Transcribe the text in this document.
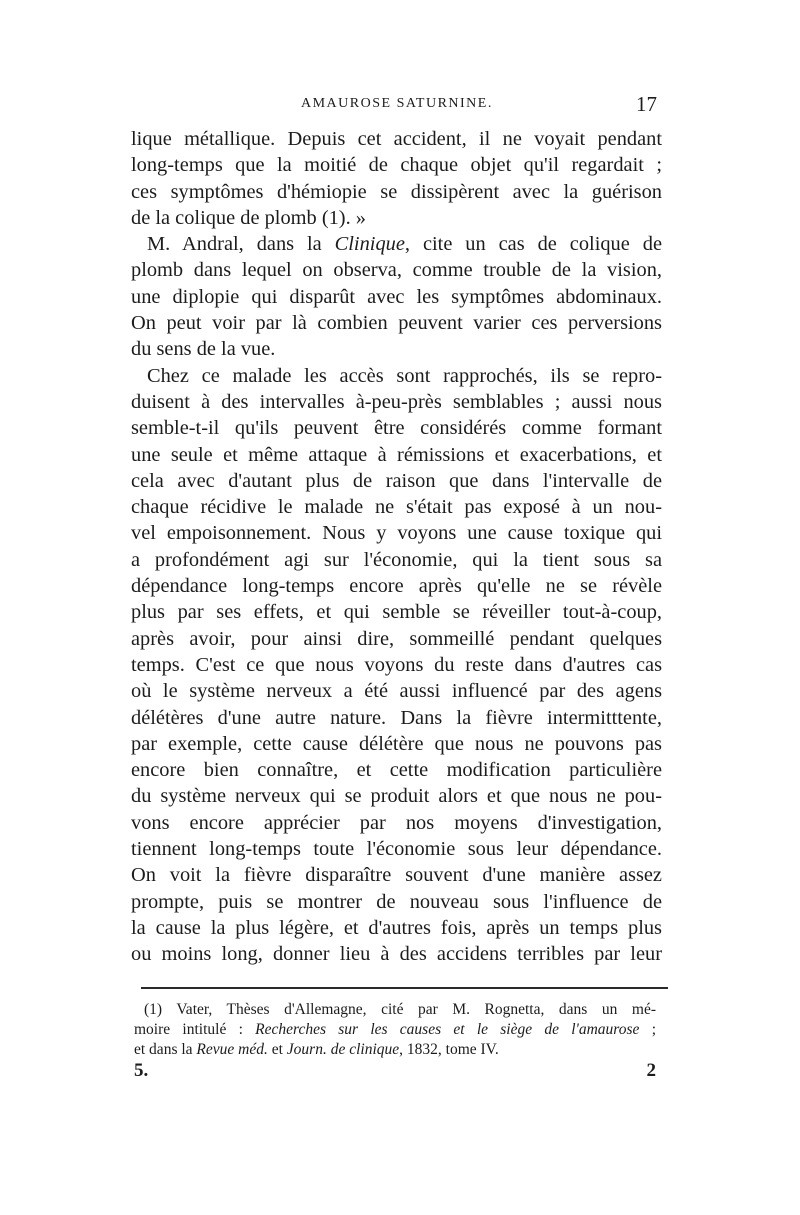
AMAUROSE SATURNINE.	17
lique métallique. Depuis cet accident, il ne voyait pendant
long-temps que la moitié de chaque objet qu'il regardait ;
ces symptômes d'hémiopie se dissipèrent avec la guérison
de la colique de plomb (1). »
M. Andral, dans la Clinique, cite un cas de colique de
plomb dans lequel on observa, comme trouble de la vision,
une diplopie qui disparût avec les symptômes abdominaux.
On peut voir par là combien peuvent varier ces perversions
du sens de la vue.
Chez ce malade les accès sont rapprochés, ils se repro-
duisent à des intervalles à-peu-près semblables ; aussi nous
semble-t-il qu'ils peuvent être considérés comme formant
une seule et même attaque à rémissions et exacerbations, et
cela avec d'autant plus de raison que dans l'intervalle de
chaque récidive le malade ne s'était pas exposé à un nou-
vel empoisonnement. Nous y voyons une cause toxique qui
a profondément agi sur l'économie, qui la tient sous sa
dépendance long-temps encore après qu'elle ne se révèle
plus par ses effets, et qui semble se réveiller tout-à-coup,
après avoir, pour ainsi dire, sommeillé pendant quelques
temps. C'est ce que nous voyons du reste dans d'autres cas
où le système nerveux a été aussi influencé par des agens
délétères d'une autre nature. Dans la fièvre intermitttente,
par exemple, cette cause délétère que nous ne pouvons pas
encore bien connaître, et cette modification particulière
du système nerveux qui se produit alors et que nous ne pou-
vons encore apprécier par nos moyens d'investigation,
tiennent long-temps toute l'économie sous leur dépendance.
On voit la fièvre disparaître souvent d'une manière assez
prompte, puis se montrer de nouveau sous l'influence de
la cause la plus légère, et d'autres fois, après un temps plus
ou moins long, donner lieu à des accidens terribles par leur
(1) Vater, Thèses d'Allemagne, cité par M. Rognetta, dans un mé-
moire intitulé : Recherches sur les causes et le siège de l'amaurose ;
et dans la Revue méd. et Journ. de clinique, 1832, tome IV.
5.	2
